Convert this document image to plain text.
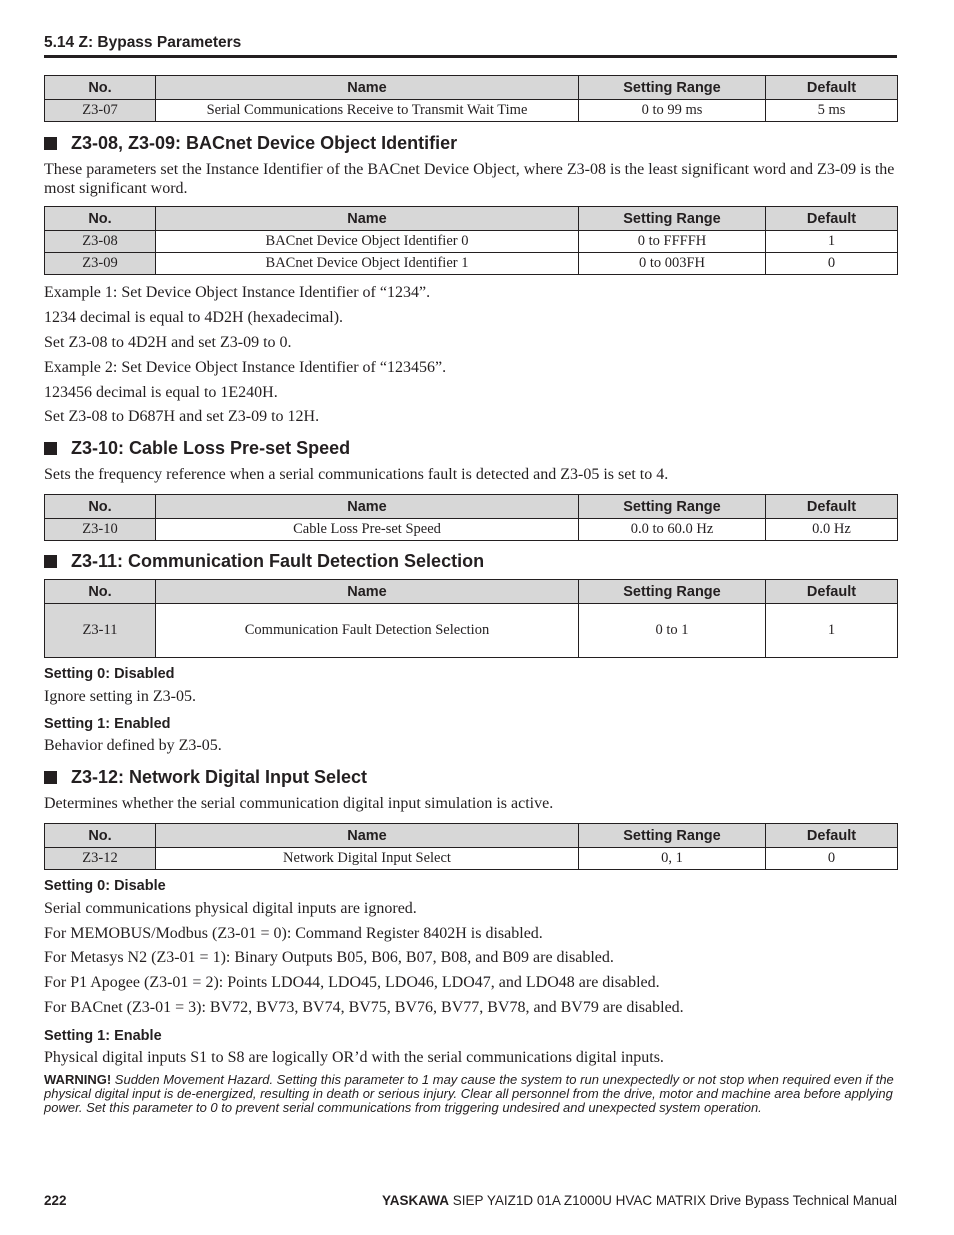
5.14 Z: Bypass Parameters
No.	Name	Setting Range	Default
Z3-07	Serial Communications Receive to Transmit Wait Time	0 to 99 ms	5 ms
Z3-08, Z3-09: BACnet Device Object Identifier
These parameters set the Instance Identifier of the BACnet Device Object, where Z3-08 is the least significant word and Z3-09 is the most significant word.
No.	Name	Setting Range	Default
Z3-08	BACnet Device Object Identifier 0	0 to FFFFH	1
Z3-09	BACnet Device Object Identifier 1	0 to 003FH	0
Example 1: Set Device Object Instance Identifier of “1234”.
1234 decimal is equal to 4D2H (hexadecimal).
Set Z3-08 to 4D2H and set Z3-09 to 0.
Example 2: Set Device Object Instance Identifier of “123456”.
123456 decimal is equal to 1E240H.
Set Z3-08 to D687H and set Z3-09 to 12H.
Z3-10: Cable Loss Pre-set Speed
Sets the frequency reference when a serial communications fault is detected and Z3-05 is set to 4.
No.	Name	Setting Range	Default
Z3-10	Cable Loss Pre-set Speed	0.0 to 60.0 Hz	0.0 Hz
Z3-11: Communication Fault Detection Selection
No.	Name	Setting Range	Default
Z3-11	Communication Fault Detection Selection	0 to 1	1
Setting 0: Disabled
Ignore setting in Z3-05.
Setting 1: Enabled
Behavior defined by Z3-05.
Z3-12: Network Digital Input Select
Determines whether the serial communication digital input simulation is active.
No.	Name	Setting Range	Default
Z3-12	Network Digital Input Select	0, 1	0
Setting 0: Disable
Serial communications physical digital inputs are ignored.
For MEMOBUS/Modbus (Z3-01 = 0): Command Register 8402H is disabled.
For Metasys N2 (Z3-01 = 1): Binary Outputs B05, B06, B07, B08, and B09 are disabled.
For P1 Apogee (Z3-01 = 2): Points LDO44, LDO45, LDO46, LDO47, and LDO48 are disabled.
For BACnet (Z3-01 = 3): BV72, BV73, BV74, BV75, BV76, BV77, BV78, and BV79 are disabled.
Setting 1: Enable
Physical digital inputs S1 to S8 are logically OR’d with the serial communications digital inputs.
WARNING! Sudden Movement Hazard. Setting this parameter to 1 may cause the system to run unexpectedly or not stop when required even if the physical digital input is de-energized, resulting in death or serious injury. Clear all personnel from the drive, motor and machine area before applying power. Set this parameter to 0 to prevent serial communications from triggering undesired and unexpected system operation.
222	YASKAWA SIEP YAIZ1D 01A Z1000U HVAC MATRIX Drive Bypass Technical Manual
